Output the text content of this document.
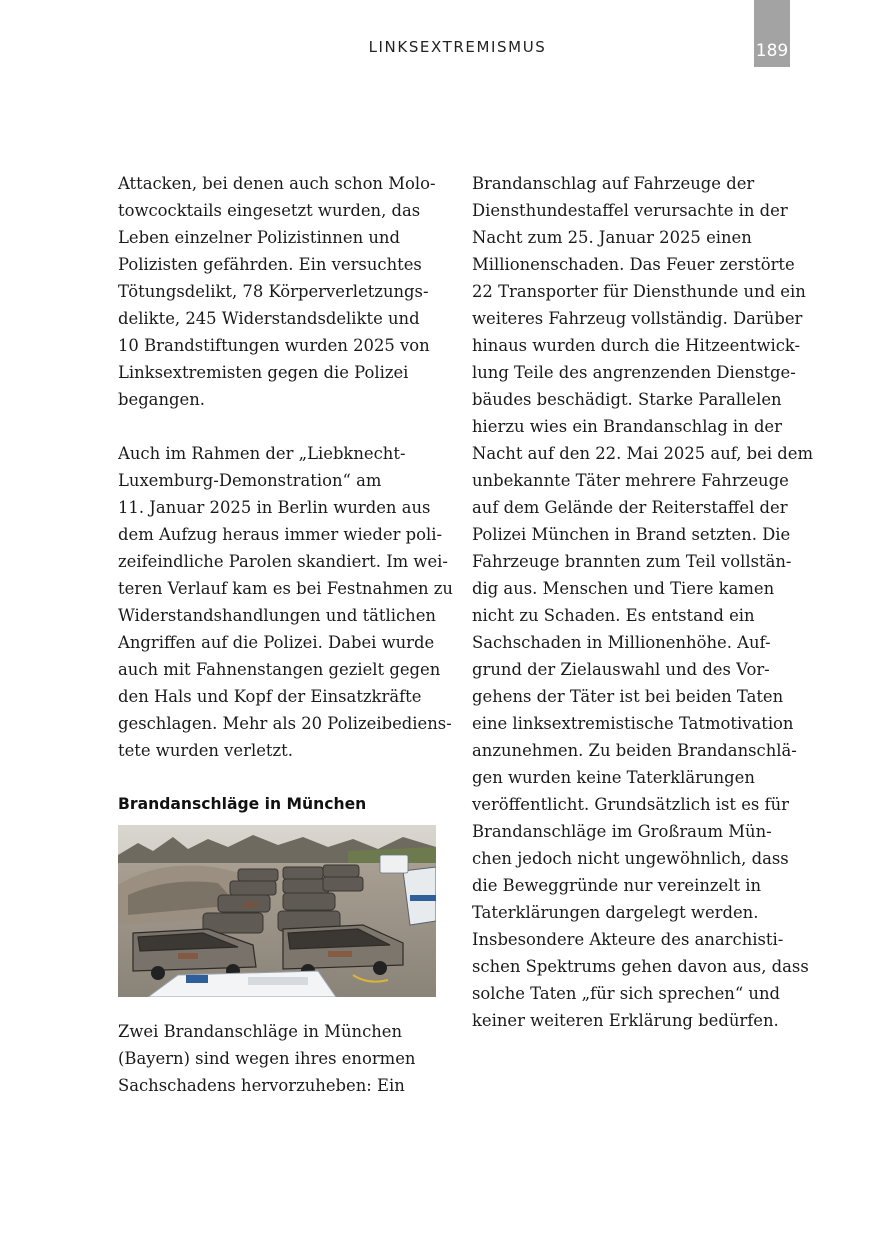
LINKSEXTREMISMUS	189
Attacken, bei denen auch schon Molo-
towcocktails eingesetzt wurden, das
Leben einzelner Polizistinnen und
Polizisten gefährden. Ein versuchtes
Tötungsdelikt, 78 Körperverletzungs-
delikte, 245 Widerstandsdelikte und
10 Brandstiftungen wurden 2025 von
Linksextremisten gegen die Polizei
begangen.
Auch im Rahmen der „Liebknecht-
Luxemburg-Demonstration“ am
11. Januar 2025 in Berlin wurden aus
dem Aufzug heraus immer wieder poli-
zeifeindliche Parolen skandiert. Im wei-
teren Verlauf kam es bei Festnahmen zu
Widerstandshandlungen und tätlichen
Angriffen auf die Polizei. Dabei wurde
auch mit Fahnenstangen gezielt gegen
den Hals und Kopf der Einsatzkräfte
geschlagen. Mehr als 20 Polizeibediens-
tete wurden verletzt.
Brandanschläge in München
Zwei Brandanschläge in München
(Bayern) sind wegen ihres enormen
Sachschadens hervorzuheben: Ein
Brandanschlag auf Fahrzeuge der
Diensthundestaffel verursachte in der
Nacht zum 25. Januar 2025 einen
Millionenschaden. Das Feuer zerstörte
22 Transporter für Diensthunde und ein
weiteres Fahrzeug vollständig. Darüber
hinaus wurden durch die Hitzeentwick-
lung Teile des angrenzenden Dienstge-
bäudes beschädigt. Starke Parallelen
hierzu wies ein Brandanschlag in der
Nacht auf den 22. Mai 2025 auf, bei dem
unbekannte Täter mehrere Fahrzeuge
auf dem Gelände der Reiterstaffel der
Polizei München in Brand setzten. Die
Fahrzeuge brannten zum Teil vollstän-
dig aus. Menschen und Tiere kamen
nicht zu Schaden. Es entstand ein
Sachschaden in Millionenhöhe. Auf-
grund der Zielauswahl und des Vor-
gehens der Täter ist bei beiden Taten
eine linksextremistische Tatmotivation
anzunehmen. Zu beiden Brandanschlä-
gen wurden keine Taterklärungen
veröffentlicht. Grundsätzlich ist es für
Brandanschläge im Großraum Mün-
chen jedoch nicht ungewöhnlich, dass
die Beweggründe nur vereinzelt in
Taterklärungen dargelegt werden.
Insbesondere Akteure des anarchisti-
schen Spektrums gehen davon aus, dass
solche Taten „für sich sprechen“ und
keiner weiteren Erklärung bedürfen.
